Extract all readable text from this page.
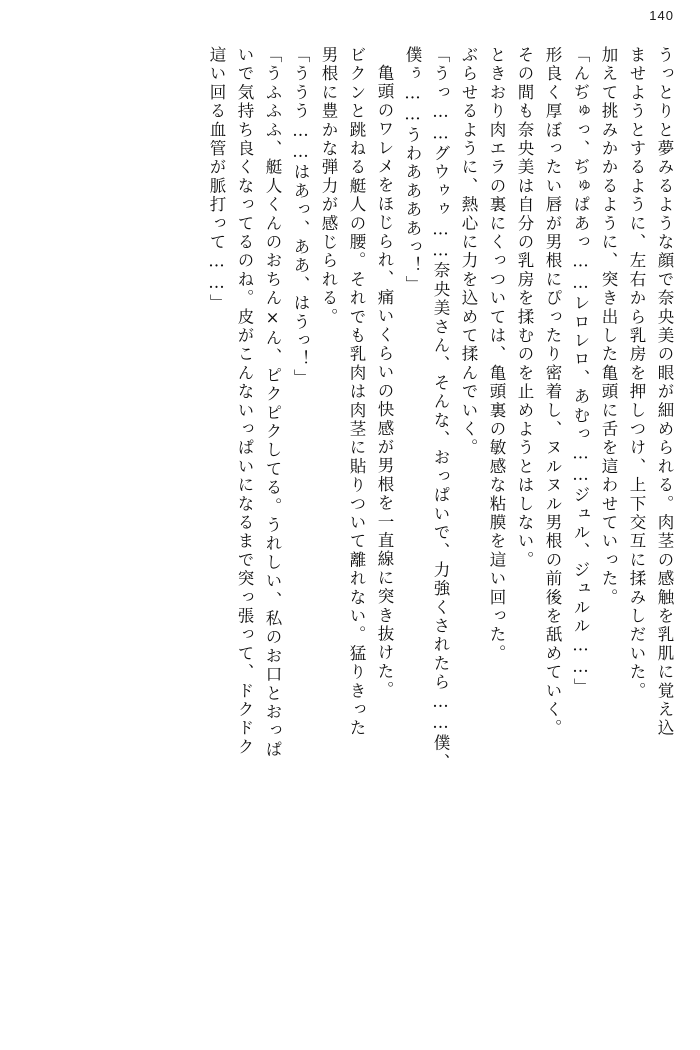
140
うっとりと夢みるような顔で奈央美の眼が細められる。肉茎の感触を乳肌に覚え込
ませようとするように、左右から乳房を押しつけ、上下交互に揉みしだいた。
加えて挑みかかるように、突き出した亀頭に舌を這わせていった。
「んぢゅっ、ぢゅぱあっ……レロレロ、あむっ……ジュル、ジュルル……」
形良く厚ぼったい唇が男根にぴったり密着し、ヌルヌル男根の前後を舐めていく。
その間も奈央美は自分の乳房を揉むのを止めようとはしない。
ときおり肉エラの裏にくっついては、亀頭裏の敏感な粘膜を這い回った。
ぶらせるように、熱心に力を込めて揉んでいく。
「うっ……グウゥゥ……奈央美さん、そんな、おっぱいで、力強くされたら……僕、
僕ぅ……うわああああっ！」
亀頭のワレメをほじられ、痛いくらいの快感が男根を一直線に突き抜けた。
ビクンと跳ねる艇人の腰。それでも乳肉は肉茎に貼りついて離れない。猛りきった
男根に豊かな弾力が感じられる。
「ううう……はあっ、ああ、はうっ！」
「うふふふ、艇人くんのおちん×ん、ピクピクしてる。うれしい、私のお口とおっぱ
いで気持ち良くなってるのね。皮がこんないっぱいになるまで突っ張って、ドクドク
這い回る血管が脈打って……」
